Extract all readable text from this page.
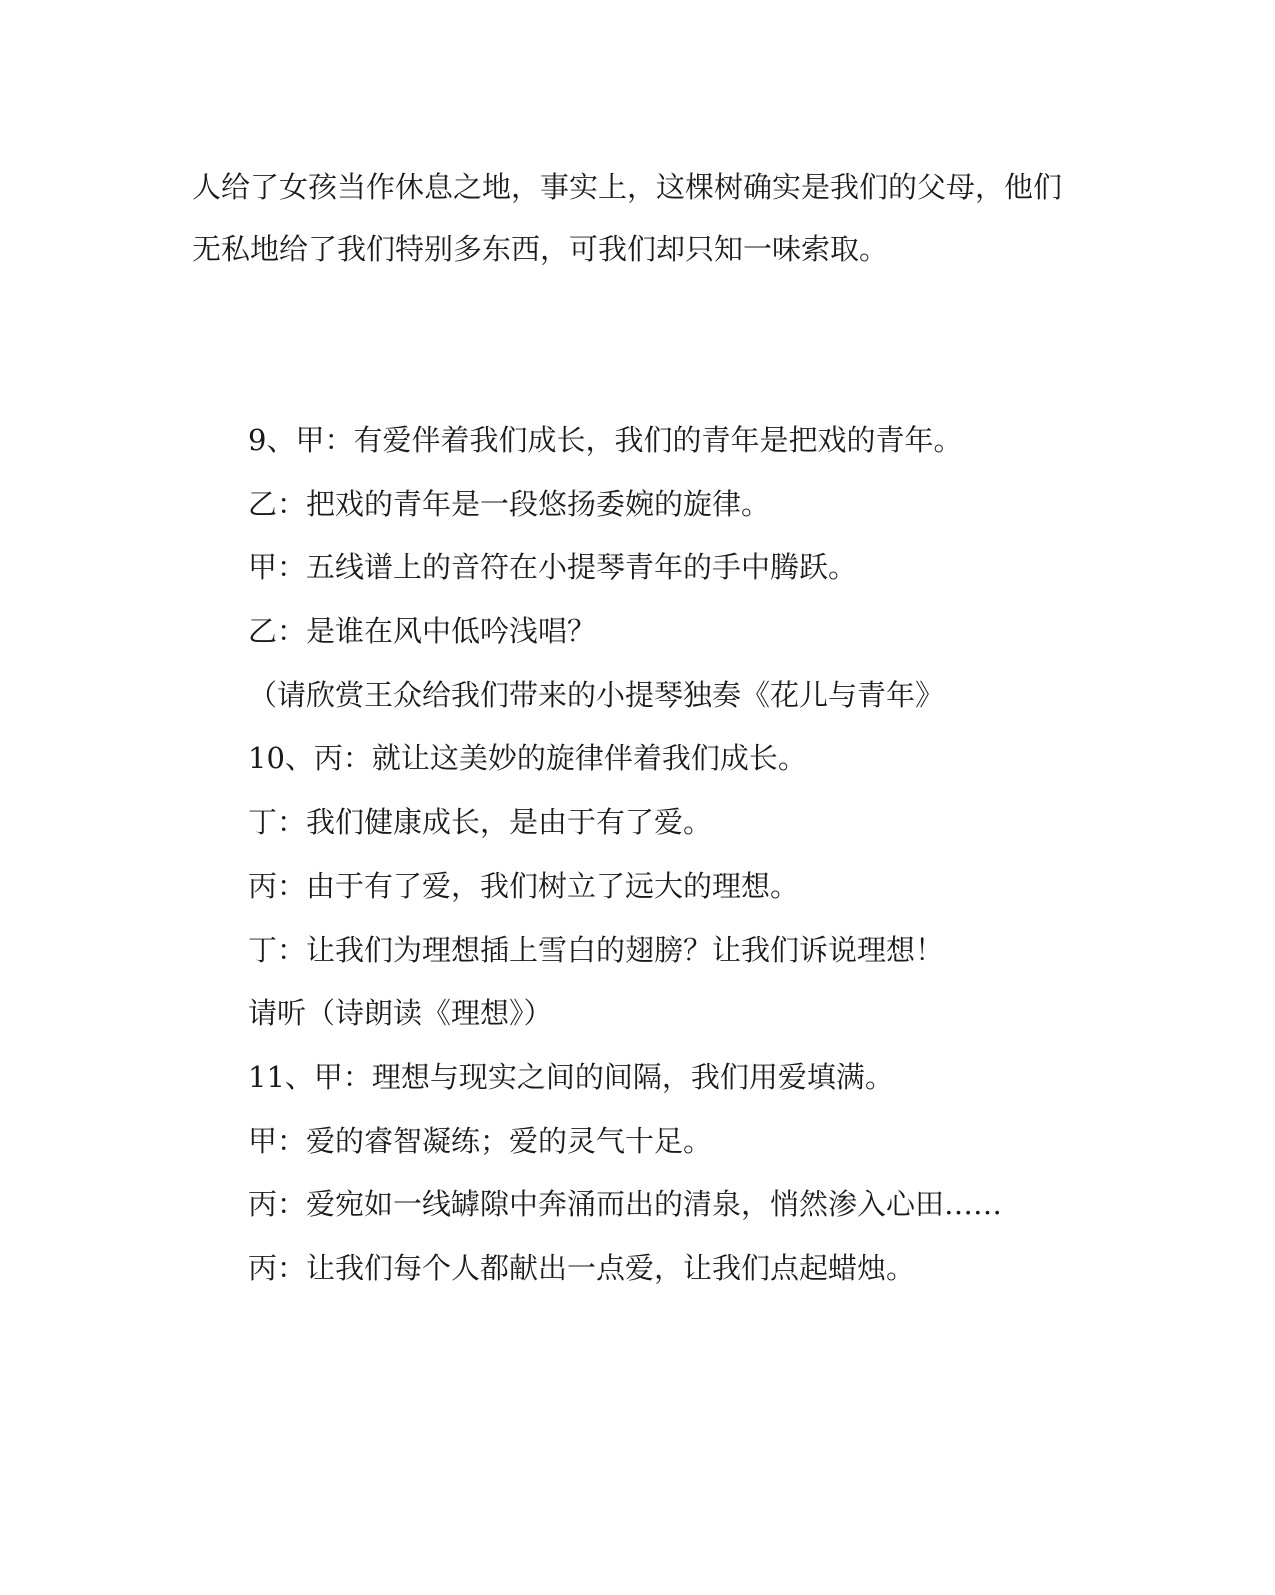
人给了女孩当作休息之地，事实上，这棵树确实是我们的父母，他们
无私地给了我们特别多东西，可我们却只知一味索取。
9、甲：有爱伴着我们成长，我们的青年是把戏的青年。
乙：把戏的青年是一段悠扬委婉的旋律。
甲：五线谱上的音符在小提琴青年的手中腾跃。
乙：是谁在风中低吟浅唱？
（请欣赏王众给我们带来的小提琴独奏《花儿与青年》
10、丙：就让这美妙的旋律伴着我们成长。
丁：我们健康成长，是由于有了爱。
丙：由于有了爱，我们树立了远大的理想。
丁：让我们为理想插上雪白的翅膀？让我们诉说理想！
请听（诗朗读《理想》）
11、甲：理想与现实之间的间隔，我们用爱填满。
甲：爱的睿智凝练；爱的灵气十足。
丙：爱宛如一线罅隙中奔涌而出的清泉，悄然渗入心田……
丙：让我们每个人都献出一点爱，让我们点起蜡烛。
